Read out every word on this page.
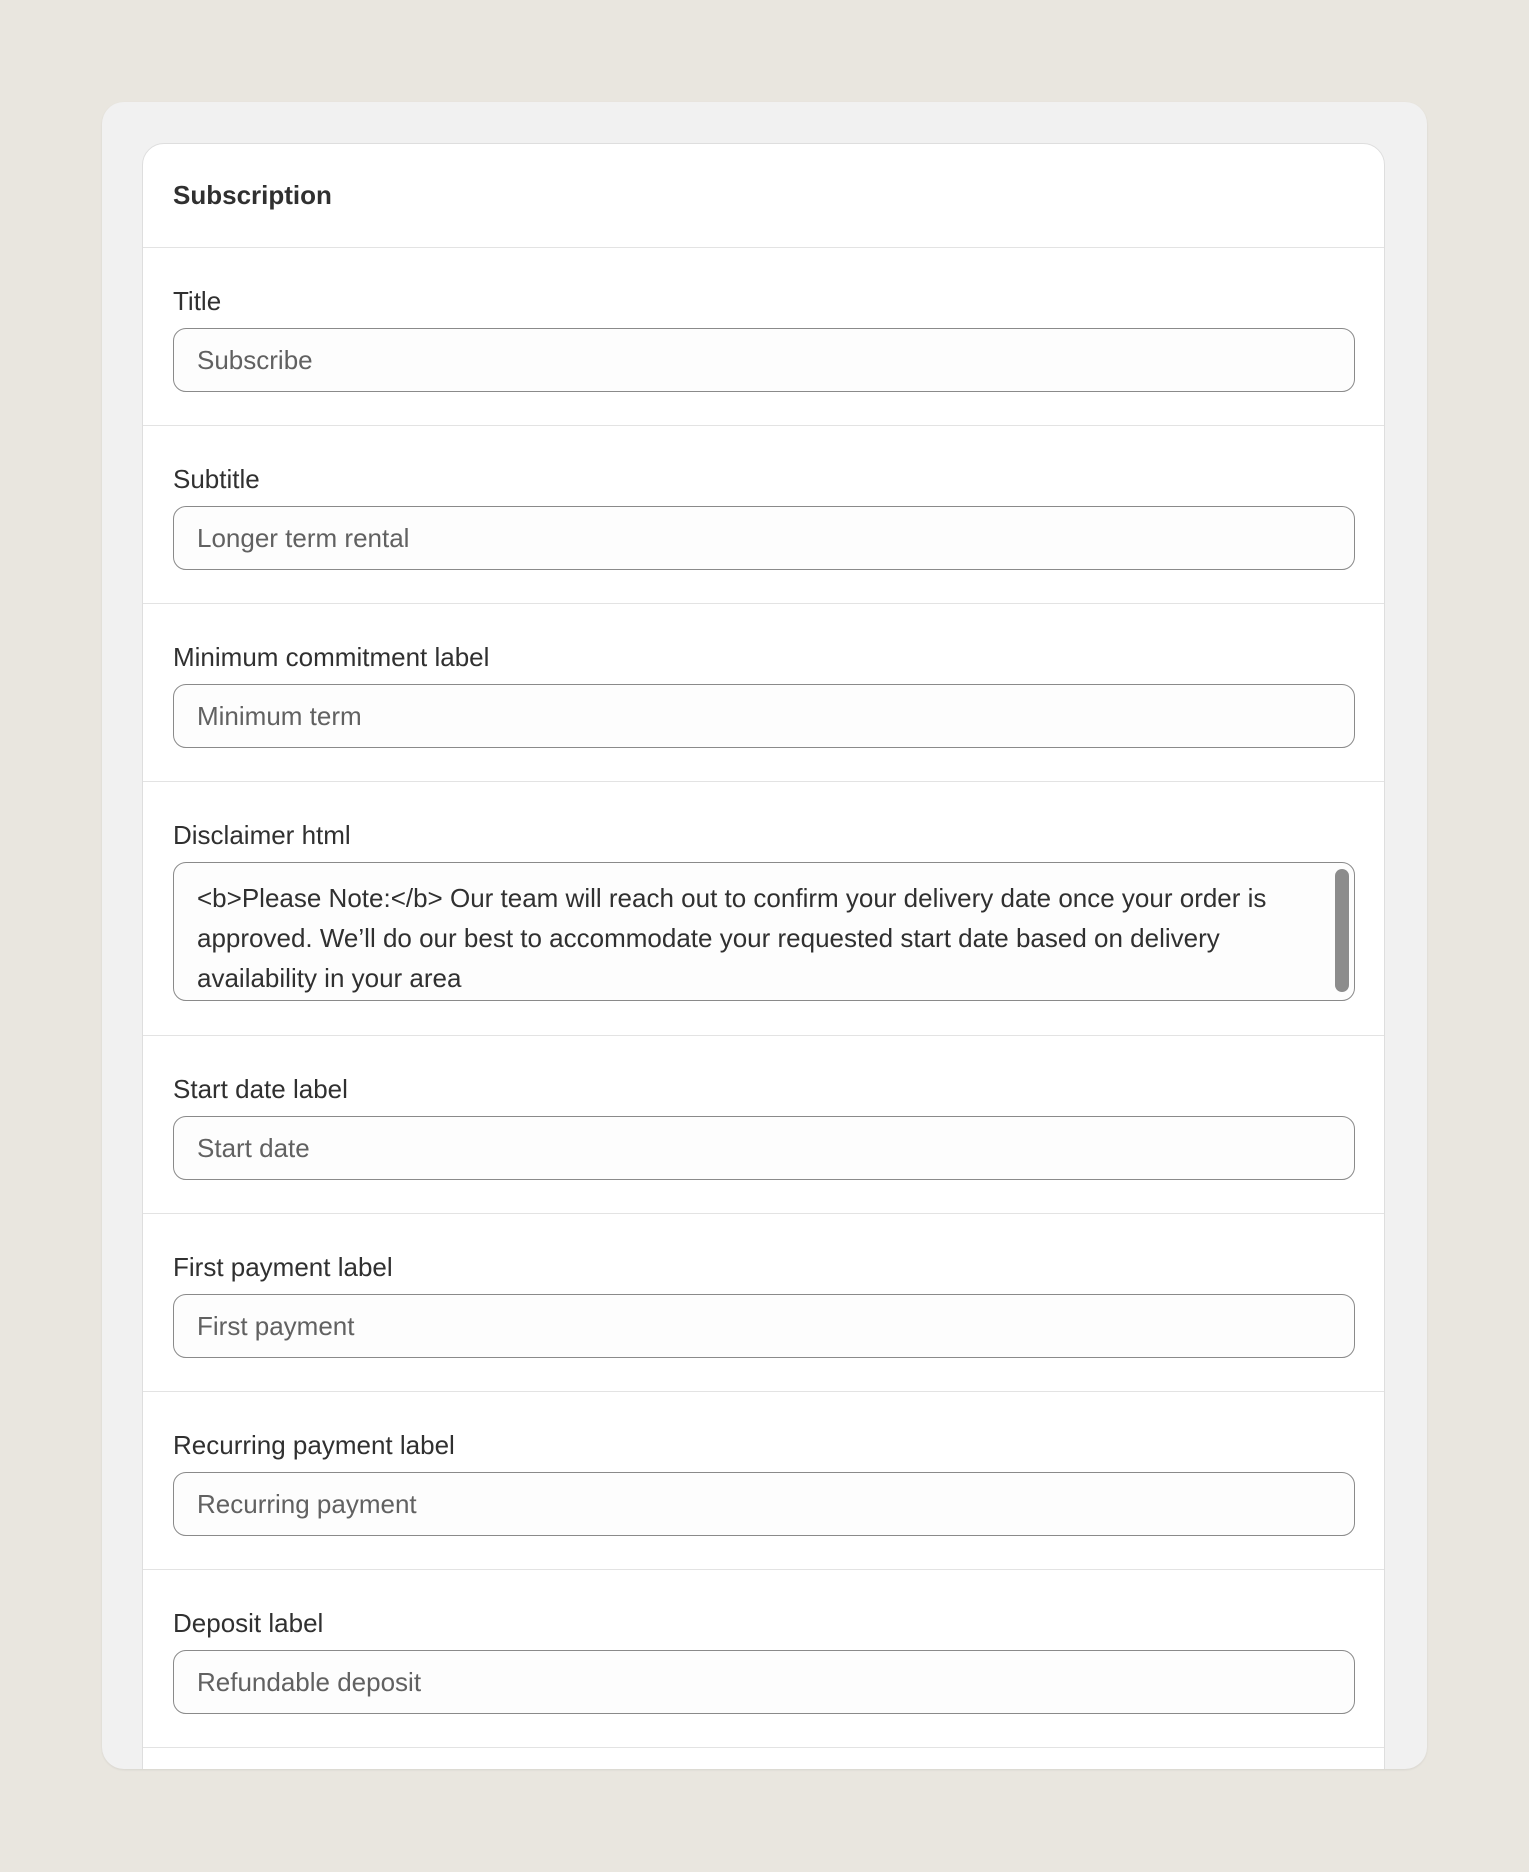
Subscription
Title
Subscribe
Subtitle
Longer term rental
Minimum commitment label
Minimum term
Disclaimer html
<b>Please Note:</b> Our team will reach out to confirm your delivery date once your order is approved. We’ll do our best to accommodate your requested start date based on delivery availability in your area
Start date label
Start date
First payment label
First payment
Recurring payment label
Recurring payment
Deposit label
Refundable deposit
